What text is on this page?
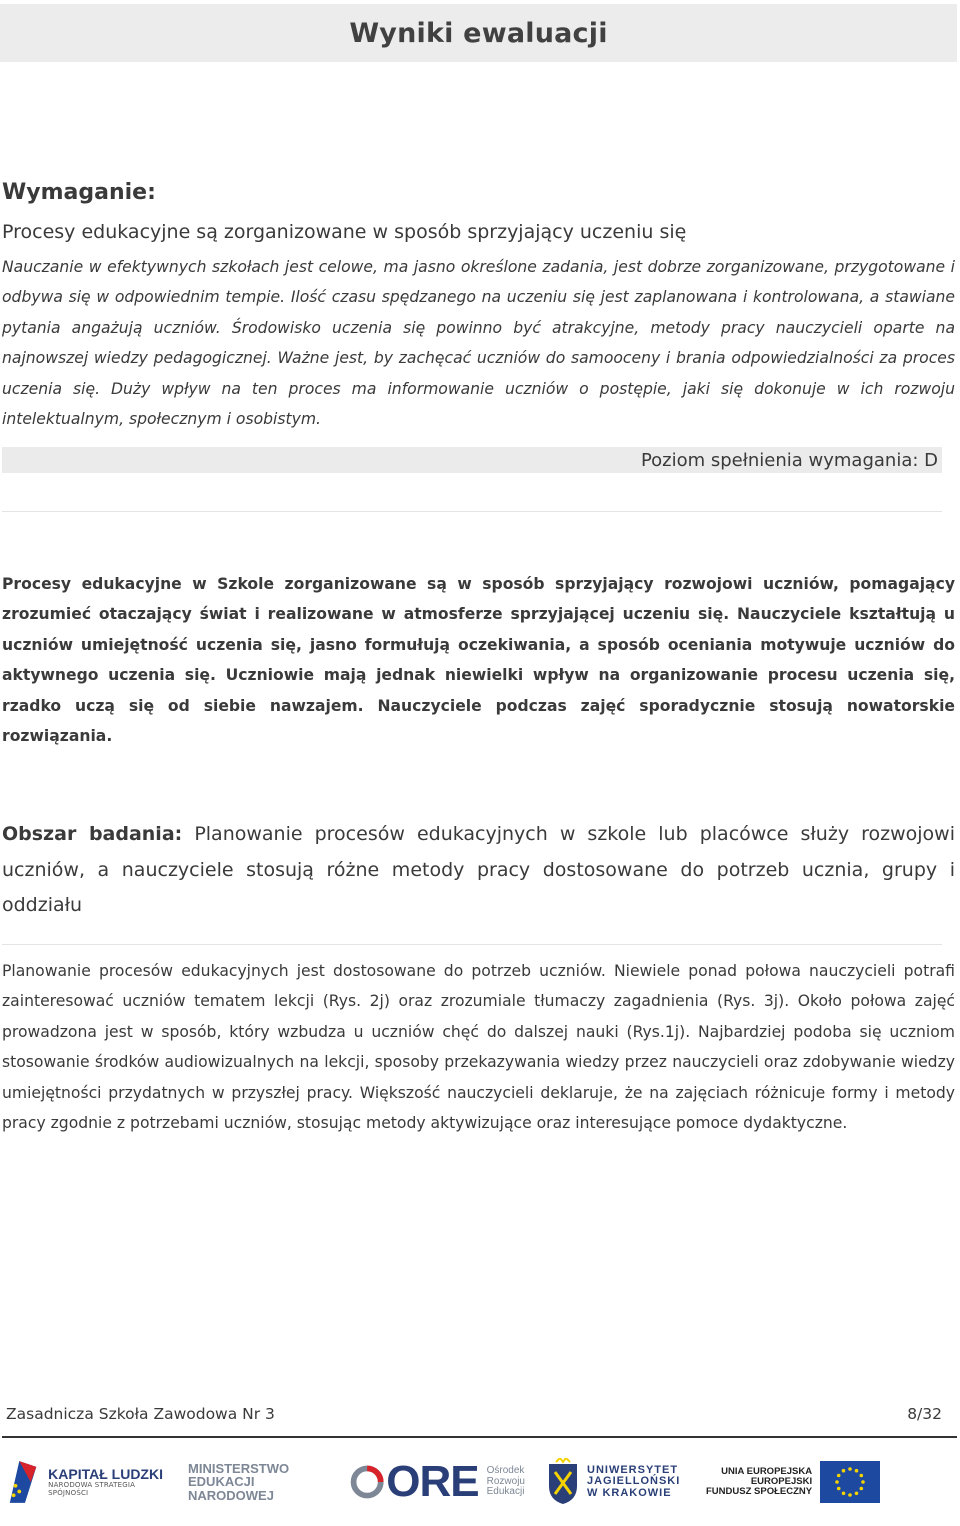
Wyniki ewaluacji
Wymaganie:
Procesy edukacyjne są zorganizowane w sposób sprzyjający uczeniu się

Nauczanie w efektywnych szkołach jest celowe, ma jasno określone zadania, jest dobrze zorganizowane, przygotowane i odbywa się w odpowiednim tempie. Ilość czasu spędzanego na uczeniu się jest zaplanowana i kontrolowana, a stawiane pytania angażują uczniów. Środowisko uczenia się powinno być atrakcyjne, metody pracy nauczycieli oparte na najnowszej wiedzy pedagogicznej. Ważne jest, by zachęcać uczniów do samooceny i brania odpowiedzialności za proces uczenia się. Duży wpływ na ten proces ma informowanie uczniów o postępie, jaki się dokonuje w ich rozwoju intelektualnym, społecznym i osobistym.

Poziom spełnienia wymagania: D

Procesy edukacyjne w Szkole zorganizowane są w sposób sprzyjający rozwojowi uczniów, pomagający zrozumieć otaczający świat i realizowane w atmosferze sprzyjającej uczeniu się. Nauczyciele kształtują u uczniów umiejętność uczenia się, jasno formułują oczekiwania, a sposób oceniania motywuje uczniów do aktywnego uczenia się. Uczniowie mają jednak niewielki wpływ na organizowanie procesu uczenia się, rzadko uczą się od siebie nawzajem. Nauczyciele podczas zajęć sporadycznie stosują nowatorskie rozwiązania.

Obszar badania: Planowanie procesów edukacyjnych w szkole lub placówce służy rozwojowi uczniów, a nauczyciele stosują różne metody pracy dostosowane do potrzeb ucznia, grupy i oddziału

Planowanie procesów edukacyjnych jest dostosowane do potrzeb uczniów. Niewiele ponad połowa nauczycieli potrafi zainteresować uczniów tematem lekcji (Rys. 2j) oraz zrozumiale tłumaczy zagadnienia (Rys. 3j). Około połowa zajęć prowadzona jest w sposób, który wzbudza u uczniów chęć do dalszej nauki (Rys.1j). Najbardziej podoba się uczniom stosowanie środków audiowizualnych na lekcji, sposoby przekazywania wiedzy przez nauczycieli oraz zdobywanie wiedzy umiejętności przydatnych w przyszłej pracy. Większość nauczycieli deklaruje, że na zajęciach różnicuje formy i metody pracy zgodnie z potrzebami uczniów, stosując metody aktywizujące oraz interesujące pomoce dydaktyczne.

Zasadnicza Szkoła Zawodowa Nr 3	8/32
KAPITAŁ LUDZKI
NARODOWA STRATEGIA SPÓJNOŚCI
MINISTERSTWO
EDUKACJI
NARODOWEJ	ORE Ośrodek
Rozwoju
Edukacji
UNIWERSYTET
JAGIELLOŃSKI
W KRAKOWIE
UNIA EUROPEJSKA
EUROPEJSKI
FUNDUSZ SPOŁECZNY
